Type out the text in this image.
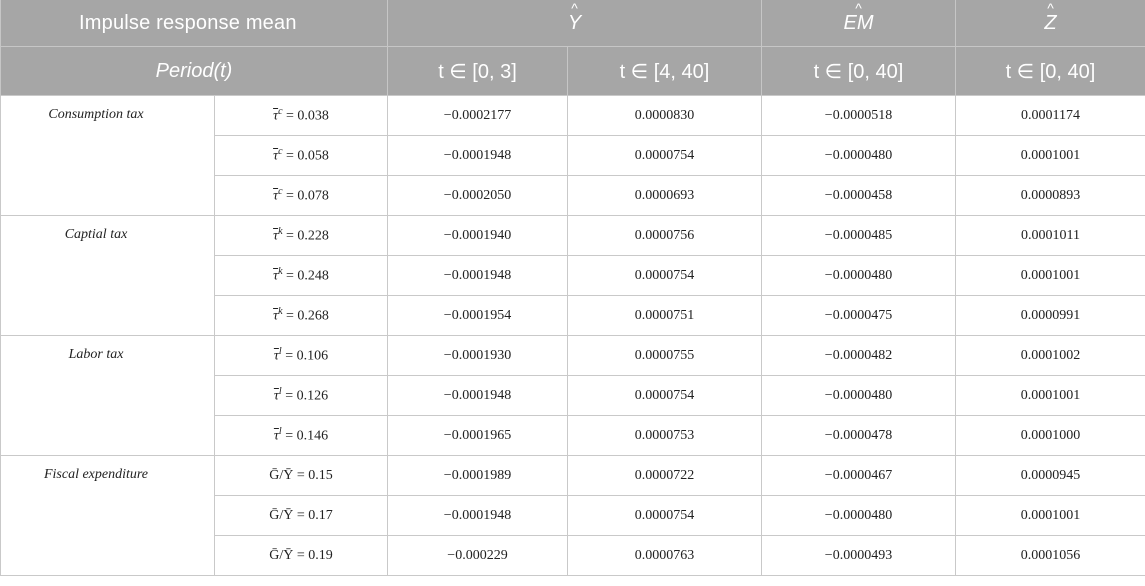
Impulse response mean		^ Y		^ EM	^ Z
Period(t)		t ∈ [0, 3]	t ∈ [4, 40]	t ∈ [0, 40]	t ∈ [0, 40]

Consumption tax	$\overline{\tau}^c = 0.038$	−0.0002177	0.0000830	−0.0000518	0.0001174
	$\overline{\tau}^c = 0.058$	−0.0001948	0.0000754	−0.0000480	0.0001001
	$\overline{\tau}^c = 0.078$	−0.0002050	0.0000693	−0.0000458	0.0000893

Captial tax	$\overline{\tau}^k = 0.228$	−0.0001940	0.0000756	−0.0000485	0.0001011
	$\overline{\tau}^k = 0.248$	−0.0001948	0.0000754	−0.0000480	0.0001001
	$\overline{\tau}^k = 0.268$	−0.0001954	0.0000751	−0.0000475	0.0000991

Labor tax	$\overline{\tau}^l = 0.106$	−0.0001930	0.0000755	−0.0000482	0.0001002
	$\overline{\tau}^l = 0.126$	−0.0001948	0.0000754	−0.0000480	0.0001001
	$\overline{\tau}^l = 0.146$	−0.0001965	0.0000753	−0.0000478	0.0001000

Fiscal expenditure	Ḡ/Ȳ = 0.15	−0.0001989	0.0000722	−0.0000467	0.0000945
	Ḡ/Ȳ = 0.17	−0.0001948	0.0000754	−0.0000480	0.0001001
	Ḡ/Ȳ = 0.19	−0.000229	0.0000763	−0.0000493	0.0001056
